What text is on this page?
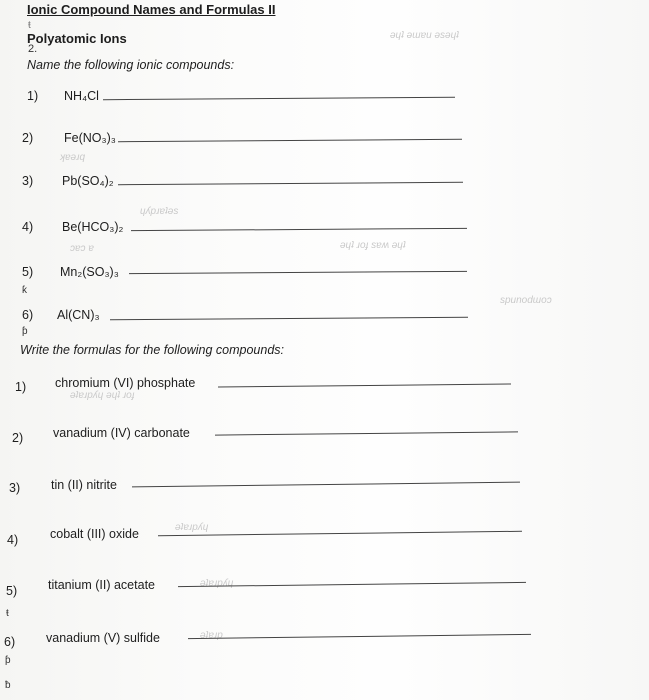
ǝɥʇ ǝɯɐu ǝsǝɥʇ
ʞɐǝɹq
ɥʎpɹɐʇǝs
ɔɐɔ ɐ	ǝɥʇ ɹoɟ sɐʍ ǝɥʇ
spunodɯoɔ
ǝʇɐɹpʎɥ ǝɥʇ ɹoɟ
ǝʇɐɹpʎɥ
ǝʇɐɹpʎɥ
ǝʇɐɹp
Ionic Compound Names and Formulas II
Polyatomic Ions
ŧ
2.
Name the following ionic compounds:
1) NH₄Cl
2) Fe(NO₃)₃
3) Pb(SO₄)₂
4) Be(HCO₃)₂
5) Mn₂(SO₃)₃
ƙ
6) Al(CN)₃
ƥ
Write the formulas for the following compounds:
1) chromium (VI) phosphate
2) vanadium (IV) carbonate
3) tin (II) nitrite
4)	cobalt (III) oxide
5) titanium (II) acetate
ŧ
6) vanadium (V) sulfide
ƥ
ƀ
